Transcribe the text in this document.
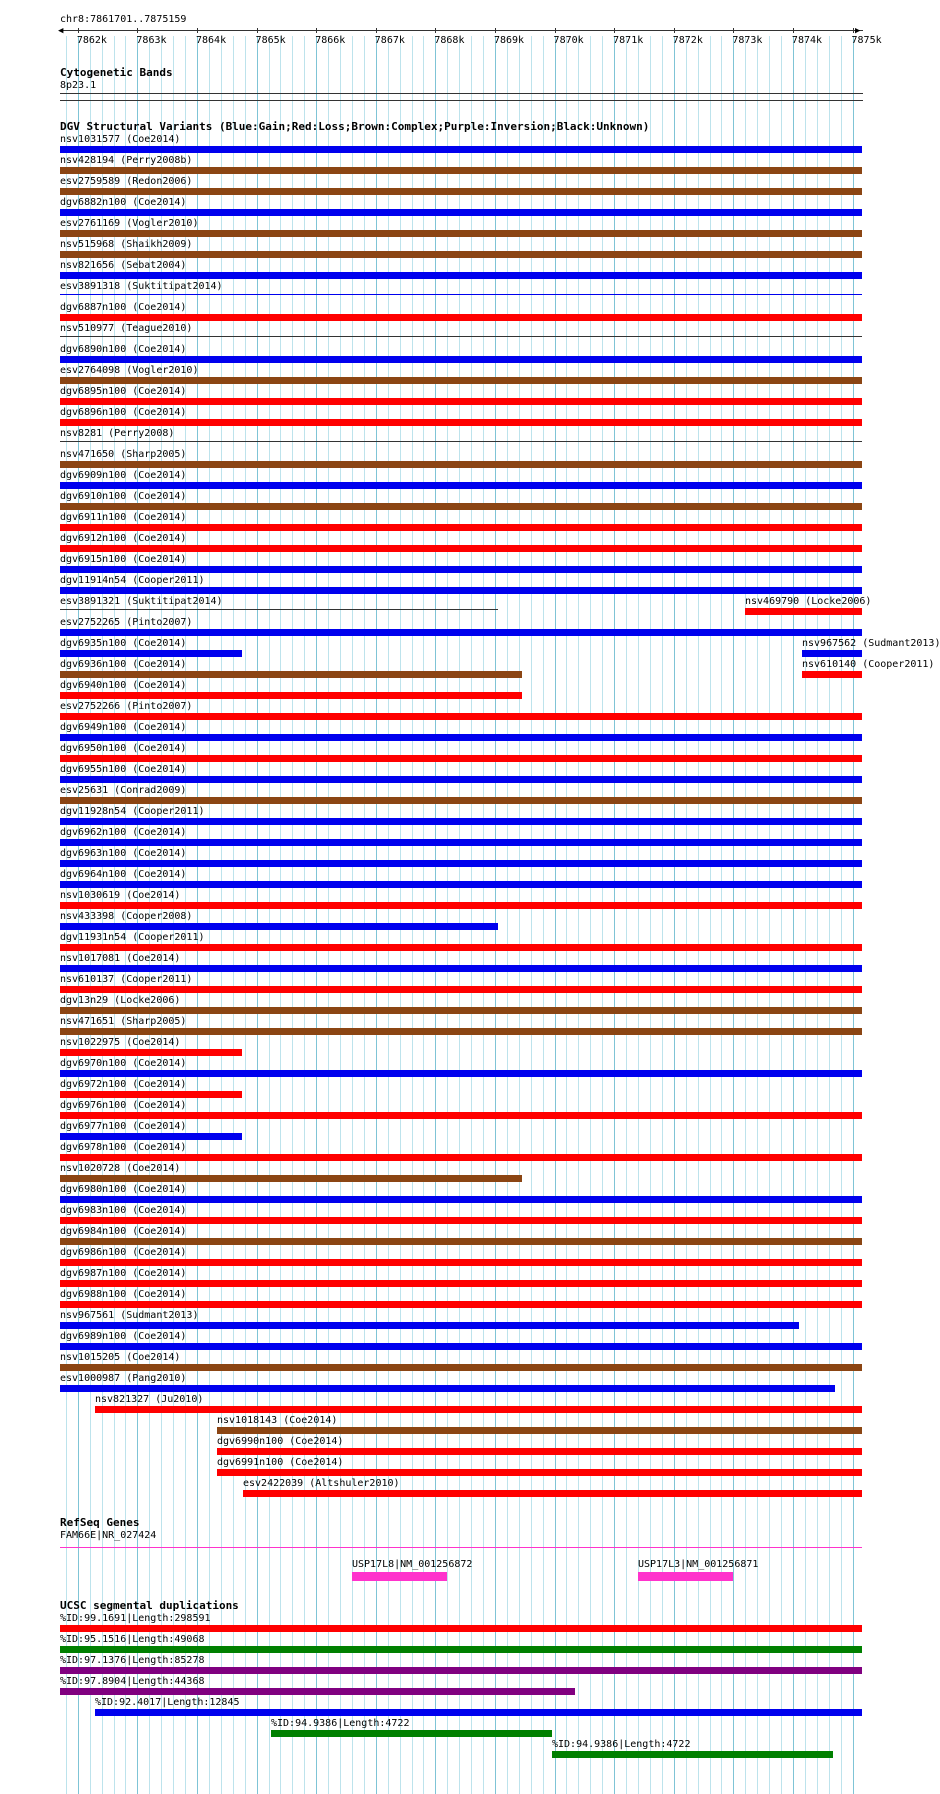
chr8:7861701..7875159
◀	▶
7862k	7863k	7864k	7865k	7866k	7867k	7868k	7869k	7870k	7871k	7872k	7873k	7874k	7875k
Cytogenetic Bands
8p23.1
DGV Structural Variants (Blue:Gain;Red:Loss;Brown:Complex;Purple:Inversion;Black:Unknown)
nsv1031577 (Coe2014)
nsv428194 (Perry2008b)
esv2759589 (Redon2006)
dgv6882n100 (Coe2014)
esv2761169 (Vogler2010)
nsv515968 (Shaikh2009)
nsv821656 (Sebat2004)
esv3891318 (Suktitipat2014)
dgv6887n100 (Coe2014)
nsv510977 (Teague2010)
dgv6890n100 (Coe2014)
esv2764098 (Vogler2010)
dgv6895n100 (Coe2014)
dgv6896n100 (Coe2014)
nsv8281 (Perry2008)
nsv471650 (Sharp2005)
dgv6909n100 (Coe2014)
dgv6910n100 (Coe2014)
dgv6911n100 (Coe2014)
dgv6912n100 (Coe2014)
dgv6915n100 (Coe2014)
dgv11914n54 (Cooper2011)
esv3891321 (Suktitipat2014)	nsv469790 (Locke2006)
esv2752265 (Pinto2007)
dgv6935n100 (Coe2014)	nsv967562 (Sudmant2013)
dgv6936n100 (Coe2014)	nsv610140 (Cooper2011)
dgv6940n100 (Coe2014)
esv2752266 (Pinto2007)
dgv6949n100 (Coe2014)
dgv6950n100 (Coe2014)
dgv6955n100 (Coe2014)
esv25631 (Conrad2009)
dgv11928n54 (Cooper2011)
dgv6962n100 (Coe2014)
dgv6963n100 (Coe2014)
dgv6964n100 (Coe2014)
nsv1030619 (Coe2014)
nsv433398 (Cooper2008)
dgv11931n54 (Cooper2011)
nsv1017081 (Coe2014)
nsv610137 (Cooper2011)
dgv13n29 (Locke2006)
nsv471651 (Sharp2005)
nsv1022975 (Coe2014)
dgv6970n100 (Coe2014)
dgv6972n100 (Coe2014)
dgv6976n100 (Coe2014)
dgv6977n100 (Coe2014)
dgv6978n100 (Coe2014)
nsv1020728 (Coe2014)
dgv6980n100 (Coe2014)
dgv6983n100 (Coe2014)
dgv6984n100 (Coe2014)
dgv6986n100 (Coe2014)
dgv6987n100 (Coe2014)
dgv6988n100 (Coe2014)
nsv967561 (Sudmant2013)
dgv6989n100 (Coe2014)
nsv1015205 (Coe2014)
esv1000987 (Pang2010)
nsv821327 (Ju2010)
nsv1018143 (Coe2014)
dgv6990n100 (Coe2014)
dgv6991n100 (Coe2014)
esv2422039 (Altshuler2010)
RefSeq Genes
FAM66E|NR_027424
USP17L8|NM_001256872	USP17L3|NM_001256871
UCSC segmental duplications
%ID:99.1691|Length:298591
%ID:95.1516|Length:49068
%ID:97.1376|Length:85278
%ID:97.8904|Length:44368
%ID:92.4017|Length:12845
%ID:94.9386|Length:4722
%ID:94.9386|Length:4722
